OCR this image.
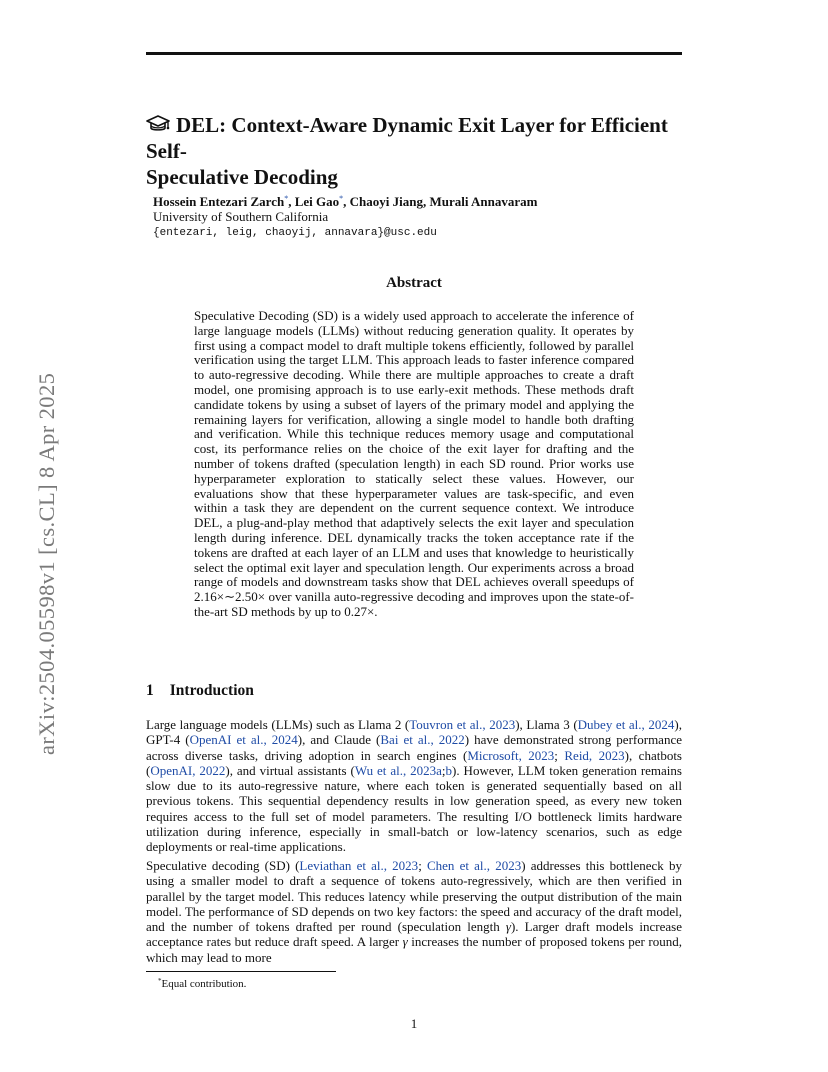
arXiv:2504.05598v1 [cs.CL] 8 Apr 2025
DEL: Context-Aware Dynamic Exit Layer for Efficient Self-
Speculative Decoding
Hossein Entezari Zarch*, Lei Gao*, Chaoyi Jiang, Murali Annavaram
University of Southern California
{entezari, leig, chaoyij, annavara}@usc.edu
Abstract

Speculative Decoding (SD) is a widely used approach to accelerate the inference of large language models (LLMs) without reducing generation quality. It operates by first using a compact model to draft multiple tokens efficiently, followed by parallel verification using the target LLM. This approach leads to faster inference compared to auto-regressive decoding. While there are multiple approaches to create a draft model, one promising approach is to use early-exit methods. These methods draft candidate tokens by using a subset of layers of the primary model and applying the remaining layers for verification, allowing a single model to handle both drafting and verification. While this technique reduces memory usage and computational cost, its performance relies on the choice of the exit layer for drafting and the number of tokens drafted (speculation length) in each SD round. Prior works use hyperparameter exploration to statically select these values. However, our evaluations show that these hyperparameter values are task-specific, and even within a task they are dependent on the current sequence context. We introduce DEL, a plug-and-play method that adaptively selects the exit layer and speculation length during inference. DEL dynamically tracks the token acceptance rate if the tokens are drafted at each layer of an LLM and uses that knowledge to heuristically select the optimal exit layer and speculation length. Our experiments across a broad range of models and downstream tasks show that DEL achieves overall speedups of 2.16×∼2.50× over vanilla auto-regressive decoding and improves upon the state-of-the-art SD methods by up to 0.27×.

1 Introduction

Large language models (LLMs) such as Llama 2 (Touvron et al., 2023), Llama 3 (Dubey et al., 2024), GPT-4 (OpenAI et al., 2024), and Claude (Bai et al., 2022) have demonstrated strong performance across diverse tasks, driving adoption in search engines (Microsoft, 2023; Reid, 2023), chatbots (OpenAI, 2022), and virtual assistants (Wu et al., 2023a;b). However, LLM token generation remains slow due to its auto-regressive nature, where each token is generated sequentially based on all previous tokens. This sequential dependency results in low generation speed, as every new token requires access to the full set of model parameters. The resulting I/O bottleneck limits hardware utilization during inference, especially in small-batch or low-latency scenarios, such as edge deployments or real-time applications.

Speculative decoding (SD) (Leviathan et al., 2023; Chen et al., 2023) addresses this bottleneck by using a smaller model to draft a sequence of tokens auto-regressively, which are then verified in parallel by the target model. This reduces latency while preserving the output distribution of the main model. The performance of SD depends on two key factors: the speed and accuracy of the draft model, and the number of tokens drafted per round (speculation length γ). Larger draft models increase acceptance rates but reduce draft speed. A larger γ increases the number of proposed tokens per round, which may lead to more

*Equal contribution.
1
